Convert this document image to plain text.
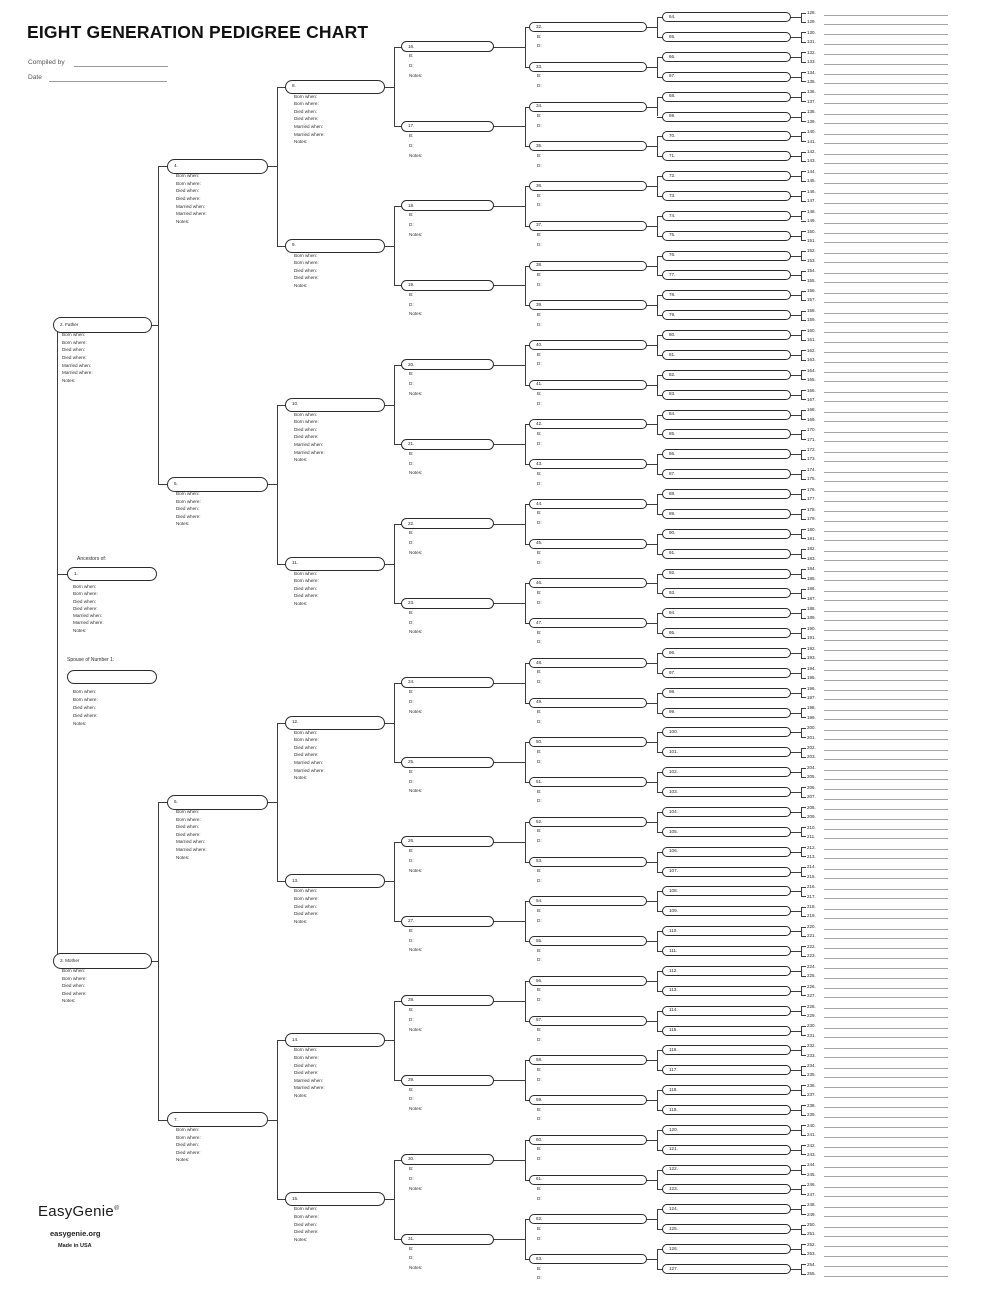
EIGHT GENERATION PEDIGREE CHART
Compiled by
Date
2. Father
Born when:
Born where:
Died when:
Died where:
Married when:
Married where:
Notes:
3. Mother
Born when:
Born where:
Died when:
Died where:
Notes:
4.
Born when:
Born where:
Died when:
Died where:
Married when:
Married where:
Notes:
5.
Born when:
Born where:
Died when:
Died where:
Notes:
6.
Born when:
Born where:
Died when:
Died where:
Married when:
Married where:
Notes:
7.
Born when:
Born where:
Died when:
Died where:
Notes:
8.
Born when:
Born where:
Died when:
Died where:
Married when:
Married where:
Notes:
9.
Born when:
Born where:
Died when:
Died where:
Notes:
10.
Born when:
Born where:
Died when:
Died where:
Married when:
Married where:
Notes:
11.
Born when:
Born where:
Died when:
Died where:
Notes:
12.
Born when:
Born where:
Died when:
Died where:
Married when:
Married where:
Notes:
13.
Born when:
Born where:
Died when:
Died where:
Notes:
14.
Born when:
Born where:
Died when:
Died where:
Married when:
Married where:
Notes:
15.
Born when:
Born where:
Died when:
Died where:
Notes:
16.
B:
D:
Notes:
17.
B:
D:
Notes:
18.
B:
D:
Notes:
19.
B:
D:
Notes:
20.
B:
D:
Notes:
21.
B:
D:
Notes:
22.
B:
D:
Notes:
23.
B:
D:
Notes:
24.
B:
D:
Notes:
25.
B:
D:
Notes:
26.
B:
D:
Notes:
27.
B:
D:
Notes:
28.
B:
D:
Notes:
29.
B:
D:
Notes:
30.
B:
D:
Notes:
31.
B:
D:
Notes:
32.
B:
D:
33.
B:
D:
34.
B:
D:
35.
B:
D:
36.
B:
D:
37.
B:
D:
38.
B:
D:
39.
B:
D:
40.
B:
D:
41.
B:
D:
42.
B:
D:
43.
B:
D:
44.
B:
D:
45.
B:
D:
46.
B:
D:
47.
B:
D:
48.
B:
D:
49.
B:
D:
50.
B:
D:
51.
B:
D:
52.
B:
D:
53.
B:
D:
54.
B:
D:
55.
B:
D:
56.
B:
D:
57.
B:
D:
58.
B:
D:
59.
B:
D:
60.
B:
D:
61.
B:
D:
62.
B:
D:
63.
B:
D:
64.
65.
66.
67.
68.
69.
70.
71.
72.
73.
74.
75.
76.
77.
78.
79.
80.
81.
82.
83.
84.
85.
86.
87.
88.
89.
90.
91.
92.
93.
94.
95.
96.
97.
98.
99.
100.
101.
102.
103.
104.
105.
106.
107.
108.
109.
110.
111.
112.
113.
114.
115.
116.
117.
118.
119.
120.
121.
122.
123.
124.
125.
126.
127.
128.
129.
130.
131.
132.
133.
134.
135.
136.
137.
138.
139.
140.
141.
142.
143.
144.
145.
146.
147.
148.
149.
150.
151.
152.
153.
154.
155.
156.
157.
158.
159.
160.
161.
162.
163.
164.
165.
166.
167.
168.
169.
170.
171.
172.
173.
174.
175.
176.
177.
178.
179.
180.
181.
182.
183.
184.
185.
186.
187.
188.
189.
190.
191.
192.
193.
194.
195.
196.
197.
198.
199.
200.
201.
202.
203.
204.
205.
206.
207.
208.
209.
210.
211.
212.
213.
214.
215.
216.
217.
218.
219.
220.
221.
222.
223.
224.
225.
226.
227.
228.
229.
230.
231.
232.
233.
234.
235.
236.
237.
238.
239.
240.
241.
242.
243.
244.
245.
246.
247.
248.
249.
250.
251.
252.
253.
254.
255.
Ancestors of:
1.
Born when:
Born where:
Died when:
Died where:
Married when:
Married where:
Notes:
Spouse of Number 1:
Born when:
Born where:
Died when:
Died where:
Notes:
EasyGenie®
easygenie.org
Made in USA
